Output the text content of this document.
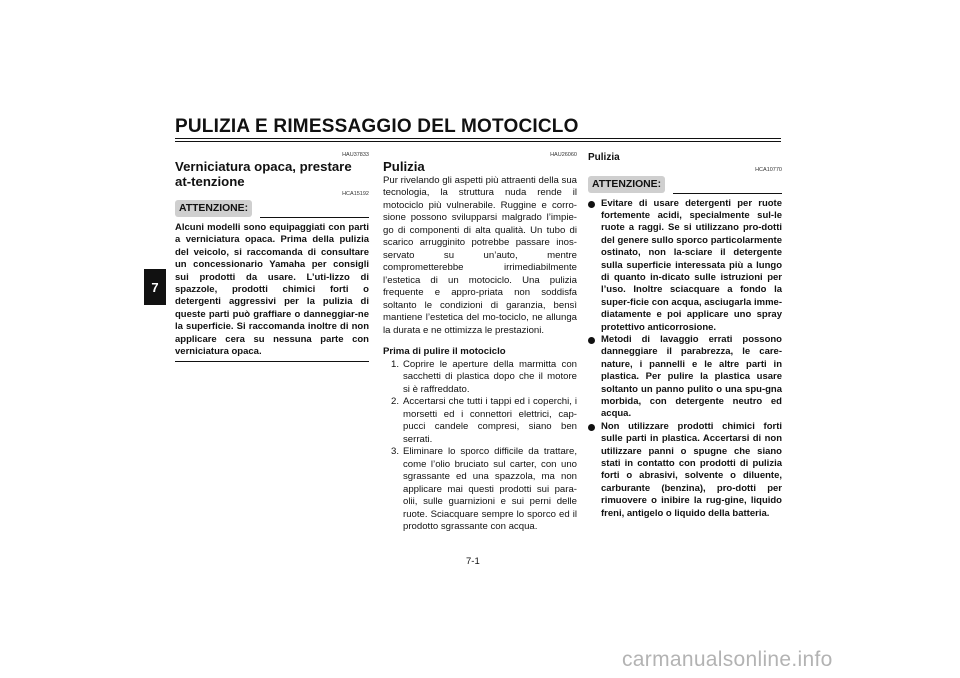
PULIZIA E RIMESSAGGIO DEL MOTOCICLO
7
HAU37833
Verniciatura opaca, prestare at-tenzione
HCA15192
ATTENZIONE:
Alcuni modelli sono equipaggiati con parti a verniciatura opaca. Prima della pulizia del veicolo, si raccomanda di consultare un concessionario Yamaha per consigli sui prodotti da usare. L’uti-lizzo di spazzole, prodotti chimici forti o detergenti aggressivi per la pulizia di queste parti può graffiare o danneggiar-ne la superficie. Si raccomanda inoltre di non applicare cera su nessuna parte con verniciatura opaca.
HAU26060
Pulizia
Pur rivelando gli aspetti più attraenti della sua tecnologia, la struttura nuda rende il motociclo più vulnerabile. Ruggine e corro-sione possono svilupparsi malgrado l’impie-go di componenti di alta qualità. Un tubo di scarico arrugginito potrebbe passare inos-servato su un’auto, mentre comprometterebbe irrimediabilmente l’estetica di un motociclo. Una pulizia frequente e appro-priata non soddisfa soltanto le condizioni di garanzia, bensì mantiene l’estetica del mo-tociclo, ne allunga la durata e ne ottimizza le prestazioni.
Prima di pulire il motociclo
1. Coprire le aperture della marmitta con sacchetti di plastica dopo che il motore si è raffreddato.
2. Accertarsi che tutti i tappi ed i coperchi, i morsetti ed i connettori elettrici, cap-pucci candele compresi, siano ben serrati.
3. Eliminare lo sporco difficile da trattare, come l’olio bruciato sul carter, con uno sgrassante ed una spazzola, ma non applicare mai questi prodotti sui para-olii, sulle guarnizioni e sui perni delle ruote. Sciacquare sempre lo sporco ed il prodotto sgrassante con acqua.
Pulizia
HCA10770
ATTENZIONE:
Evitare di usare detergenti per ruote fortemente acidi, specialmente sul-le ruote a raggi. Se si utilizzano pro-dotti del genere sullo sporco particolarmente ostinato, non la-sciare il detergente sulla superficie interessata più a lungo di quanto in-dicato sulle istruzioni per l’uso. Inoltre sciacquare a fondo la super-ficie con acqua, asciugarla imme-diatamente e poi applicare uno spray protettivo anticorrosione.
Metodi di lavaggio errati possono danneggiare il parabrezza, le care-nature, i pannelli e le altre parti in plastica. Per pulire la plastica usare soltanto un panno pulito o una spu-gna morbida, con detergente neutro ed acqua.
Non utilizzare prodotti chimici forti sulle parti in plastica. Accertarsi di non utilizzare panni o spugne che siano stati in contatto con prodotti di pulizia forti o abrasivi, solvente o diluente, carburante (benzina), pro-dotti per rimuovere o inibire la rug-gine, liquido freni, antigelo o liquido della batteria.
7-1
carmanualsonline.info
